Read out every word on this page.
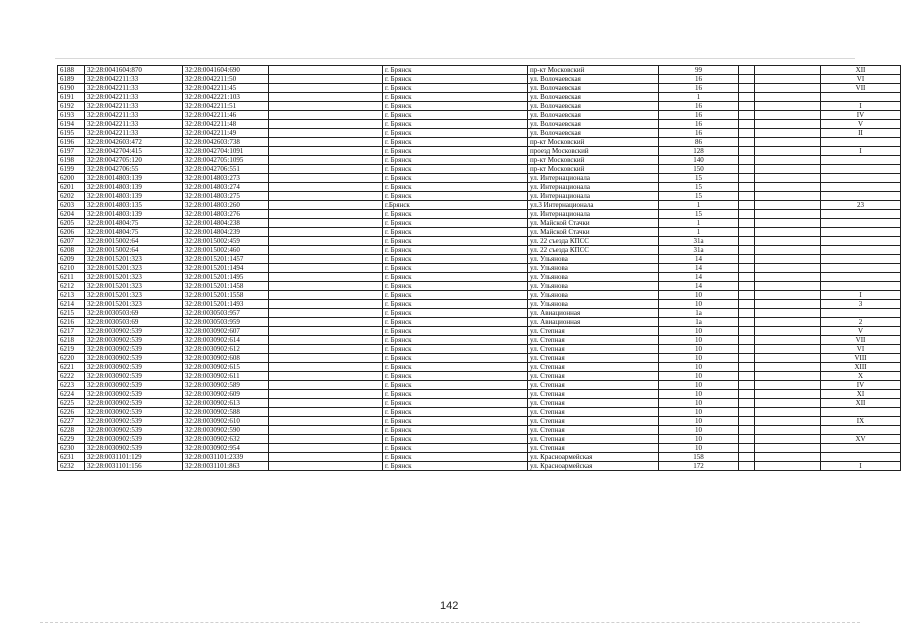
6188	32:28:0041604:870	32:28:0041604:690		г. Брянск	пр-кт Московский	99			XII
6189	32:28:0042211:33	32:28:0042211:50		г. Брянск	ул. Волочаевская	16			VI
6190	32:28:0042211:33	32:28:0042211:45		г. Брянск	ул. Волочаевская	16			VII
6191	32:28:0042211:33	32:28:0042221:103		г. Брянск	ул. Волочаевская	1			
6192	32:28:0042211:33	32:28:0042211:51		г. Брянск	ул. Волочаевская	16			I
6193	32:28:0042211:33	32:28:0042211:46		г. Брянск	ул. Волочаевская	16			IV
6194	32:28:0042211:33	32:28:0042211:48		г. Брянск	ул. Волочаевская	16			V
6195	32:28:0042211:33	32:28:0042211:49		г. Брянск	ул. Волочаевская	16			II
6196	32:28:0042603:472	32:28:0042603:738		г. Брянск	пр-кт Московский	86			
6197	32:28:0042704:415	32:28:0042704:1091		г. Брянск	проезд Московский	128			I
6198	32:28:0042705:120	32:28:0042705:1095		г. Брянск	пр-кт Московский	140			
6199	32:28:0042706:55	32:28:0042706:551		г. Брянск	пр-кт Московский	150			
6200	32:28:0014803:139	32:28:0014803:273		г. Брянск	ул. Интернационала	15			
6201	32:28:0014803:139	32:28:0014803:274		г. Брянск	ул. Интернационала	15			
6202	32:28:0014803:139	32:28:0014803:275		г. Брянск	ул. Интернационала	15			
6203	32:28:0014803:135	32:28:0014803:260		г.Брянск	ул.3 Интернационала	1			23
6204	32:28:0014803:139	32:28:0014803:276		г. Брянск	ул. Интернационала	15			
6205	32:28:0014804:75	32:28:0014804:238		г. Брянск	ул. Майской Стачки	1			
6206	32:28:0014804:75	32:28:0014804:239		г. Брянск	ул. Майской Стачки	1			
6207	32:28:0015002:64	32:28:0015002:459		г. Брянск	ул. 22 съезда КПСС	31а			
6208	32:28:0015002:64	32:28:0015002:460		г. Брянск	ул. 22 съезда КПСС	31а			
6209	32:28:0015201:323	32:28:0015201:1457		г. Брянск	ул. Ульянова	14			
6210	32:28:0015201:323	32:28:0015201:1494		г. Брянск	ул. Ульянова	14			
6211	32:28:0015201:323	32:28:0015201:1495		г. Брянск	ул. Ульянова	14			
6212	32:28:0015201:323	32:28:0015201:1458		г. Брянск	ул. Ульянова	14			
6213	32:28:0015201:323	32:28:0015201:1558		г. Брянск	ул. Ульянова	10			I
6214	32:28:0015201:323	32:28:0015201:1493		г. Брянск	ул. Ульянова	10			3
6215	32:28:0030503:69	32:28:0030503:957		г. Брянск	ул. Авиационная	1а			
6216	32:28:0030503:69	32:28:0030503:959		г. Брянск	ул. Авиационная	1а			2
6217	32:28:0030902:539	32:28:0030902:607		г. Брянск	ул. Степная	10			V
6218	32:28:0030902:539	32:28:0030902:614		г. Брянск	ул. Степная	10			VII
6219	32:28:0030902:539	32:28:0030902:612		г. Брянск	ул. Степная	10			VI
6220	32:28:0030902:539	32:28:0030902:608		г. Брянск	ул. Степная	10			VIII
6221	32:28:0030902:539	32:28:0030902:615		г. Брянск	ул. Степная	10			XIII
6222	32:28:0030902:539	32:28:0030902:611		г. Брянск	ул. Степная	10			X
6223	32:28:0030902:539	32:28:0030902:589		г. Брянск	ул. Степная	10			IV
6224	32:28:0030902:539	32:28:0030902:609		г. Брянск	ул. Степная	10			XI
6225	32:28:0030902:539	32:28:0030902:613		г. Брянск	ул. Степная	10			XII
6226	32:28:0030902:539	32:28:0030902:588		г. Брянск	ул. Степная	10			
6227	32:28:0030902:539	32:28:0030902:610		г. Брянск	ул. Степная	10			IX
6228	32:28:0030902:539	32:28:0030902:590		г. Брянск	ул. Степная	10			
6229	32:28:0030902:539	32:28:0030902:632		г. Брянск	ул. Степная	10			XV
6230	32:28:0030902:539	32:28:0030902:954		г. Брянск	ул. Степная	10			
6231	32:28:0031101:129	32:28:0031101:2339		г. Брянск	ул. Красноармейская	158			
6232	32:28:0031101:156	32:28:0031101:863		г. Брянск	ул. Красноармейская	172			I
142
